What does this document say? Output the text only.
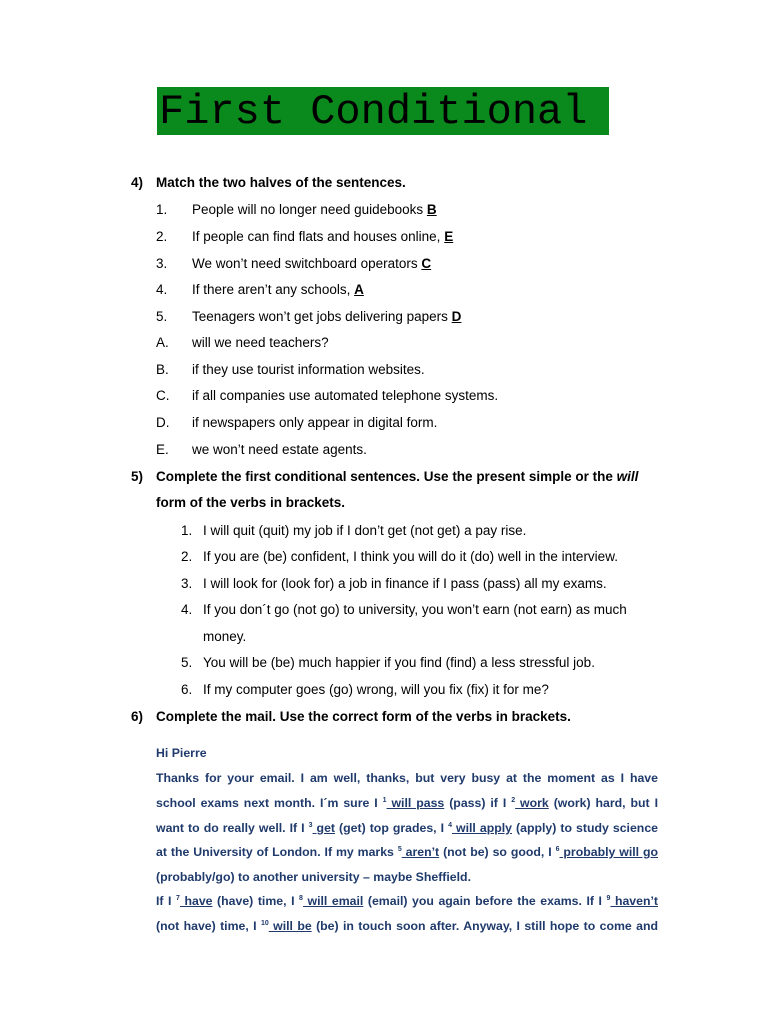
First Conditional
4) Match the two halves of the sentences.
1. People will no longer need guidebooks B
2. If people can find flats and houses online, E
3. We won’t need switchboard operators C
4. If there aren’t any schools, A
5. Teenagers won’t get jobs delivering papers D
A. will we need teachers?
B. if they use tourist information websites.
C. if all companies use automated telephone systems.
D. if newspapers only appear in digital form.
E. we won’t need estate agents.
5) Complete the first conditional sentences. Use the present simple or the will
form of the verbs in brackets.
1. I will quit (quit) my job if I don’t get (not get) a pay rise.
2. If you are (be) confident, I think you will do it (do) well in the interview.
3. I will look for (look for) a job in finance if I pass (pass) all my exams.
4. If you don´t go (not go) to university, you won’t earn (not earn) as much
money.
5. You will be (be) much happier if you find (find) a less stressful job.
6. If my computer goes (go) wrong, will you fix (fix) it for me?
6) Complete the mail. Use the correct form of the verbs in brackets.
Hi Pierre
Thanks for your email. I am well, thanks, but very busy at the moment as I have
school exams next month. I´m sure I $^1$ will pass (pass) if I $^2$ work (work) hard, but I
want to do really well. If I $^3$ get (get) top grades, I $^4$ will apply (apply) to study science
at the University of London. If my marks $^5$ aren’t (not be) so good, I $^6$ probably will go
(probably/go) to another university – maybe Sheffield.
If I $^7$ have (have) time, I $^8$ will email (email) you again before the exams. If I $^9$ haven’t
(not have) time, I $^{10}$ will be (be) in touch soon after. Anyway, I still hope to come and
